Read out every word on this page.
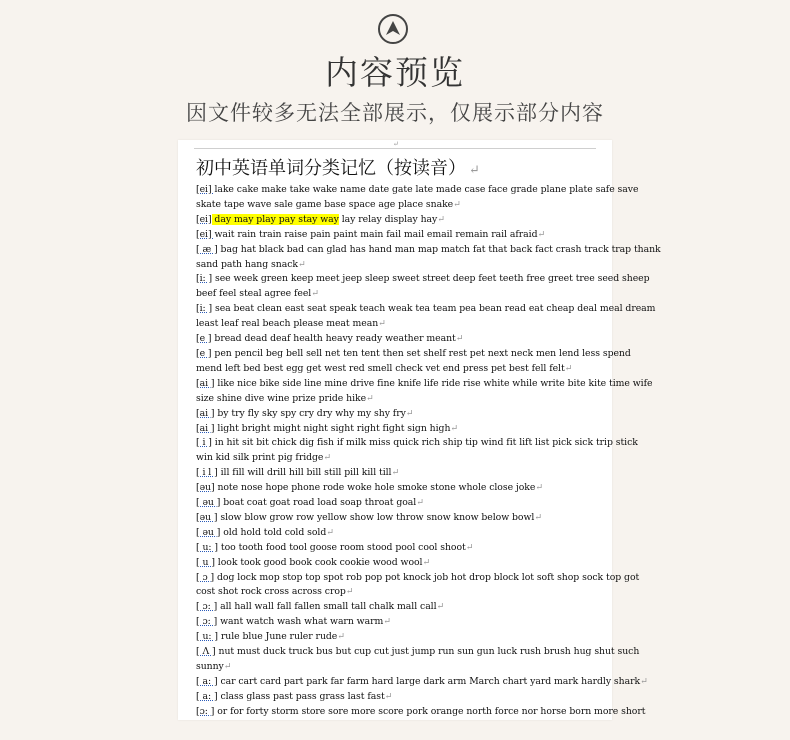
内容预览
因文件较多无法全部展示，仅展示部分内容
↵
初中英语单词分类记忆（按读音） ↵
[ei] lake cake make take wake name date gate late made case face grade plane plate safe save
skate tape wave sale game base space age place snake↵
[ei] day may play pay stay way lay relay display hay↵
[ei] wait rain train raise pain paint main fail mail email remain rail afraid↵
[ æ ] bag hat black bad can glad has hand man map match fat that back fact crash track trap thank
sand path hang snack↵
[i: ] see week green keep meet jeep sleep sweet street deep feet teeth free greet tree seed sheep
beef feel steal agree feel↵
[i: ] sea beat clean east seat speak teach weak tea team pea bean read eat cheap deal meal dream
least leaf real beach please meat mean↵
[e ] bread dead deaf health heavy ready weather meant↵
[e ] pen pencil beg bell sell net ten tent then set shelf rest pet next neck men lend less spend
mend left bed best egg get west red smell check vet end press pet best fell felt↵
[ai ] like nice bike side line mine drive fine knife life ride rise white while write bite kite time wife
size shine dive wine prize pride hike↵
[ai ] by try fly sky spy cry dry why my shy fry↵
[ai ] light bright might night sight right fight sign high↵
[ i ] in hit sit bit chick dig fish if milk miss quick rich ship tip wind fit lift list pick sick trip stick
win kid silk print pig fridge↵
[ i l ] ill fill will drill hill bill still pill kill till↵
[əu] note nose hope phone rode woke hole smoke stone whole close joke↵
[ əu ] boat coat goat road load soap throat goal↵
[əu ] slow blow grow row yellow show low throw snow know below bowl↵
[ əu ] old hold told cold sold↵
[ u: ] too tooth food tool goose room stood pool cool shoot↵
[ u ] look took good book cook cookie wood wool↵
[ ɔ ] dog lock mop stop top spot rob pop pot knock job hot drop block lot soft shop sock top got
cost shot rock cross across crop↵
[ ɔ: ] all hall wall fall fallen small tall chalk mall call↵
[ ɔ: ] want watch wash what warn warm↵
[ u: ] rule blue June ruler rude↵
[ Λ ] nut must duck truck bus but cup cut just jump run sun gun luck rush brush hug shut such
sunny↵
[ a: ] car cart card part park far farm hard large dark arm March chart yard mark hardly shark↵
[ a: ] class glass past pass grass last fast↵
[ɔ: ] or for forty storm store sore more score pork orange north force nor horse born more short
